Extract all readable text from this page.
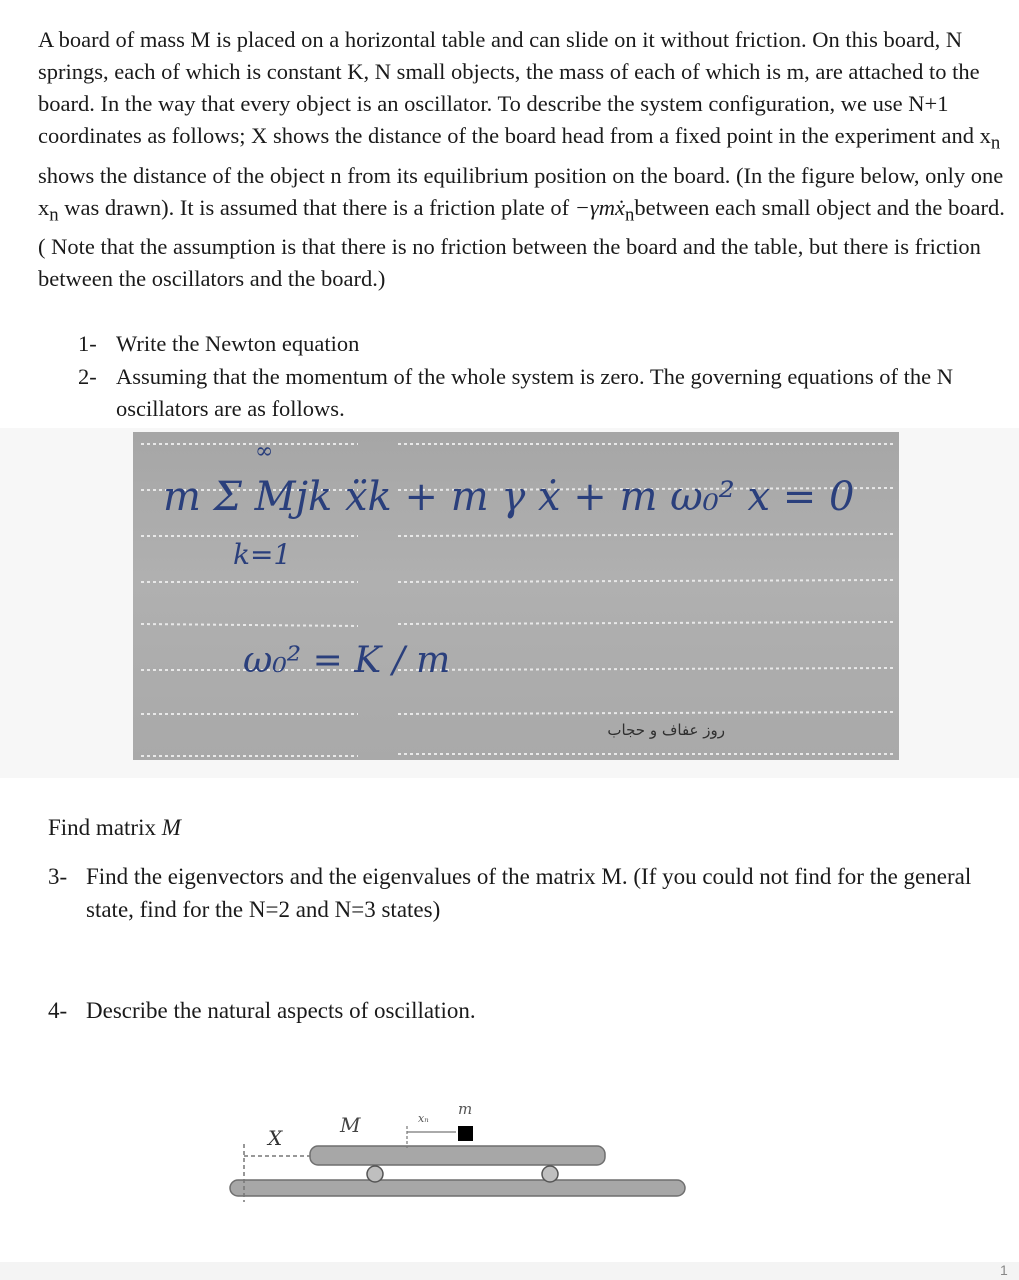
A board of mass M is placed on a horizontal table and can slide on it without friction. On this board, N springs, each of which is constant K, N small objects, the mass of each of which is m, are attached to the board. In the way that every object is an oscillator. To describe the system configuration, we use N+1 coordinates as follows; X shows the distance of the board head from a fixed point in the experiment and $x_n$ shows the distance of the object n from its equilibrium position on the board. (In the figure below, only one $x_n$ was drawn). It is assumed that there is a friction plate of −γmẋ$_n$between each small object and the board.( Note that the assumption is that there is no friction between the board and the table, but there is friction between the oscillators and the board.)

1- Write the Newton equation
2- Assuming that the momentum of the whole system is zero. The governing equations of the N oscillators are as follows.
∞
m Σ Mjk ẍk + m γ ẋ + m ω₀² x = 0
k=1
ω₀² = K / m
روز عفاف و حجاب
Find matrix M
3- Find the eigenvectors and the eigenvalues of the matrix M. (If you could not find for the general state, find for the N=2 and N=3 states)
4- Describe the natural aspects of oscillation.
X
M	xₙ
m
1
